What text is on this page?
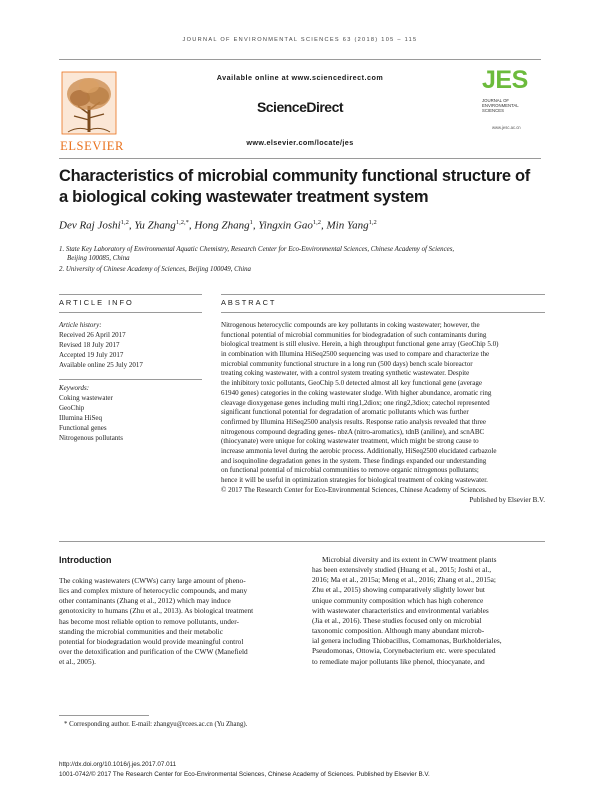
JOURNAL OF ENVIRONMENTAL SCIENCES 63 (2018) 105 – 115
ELSEVIER
Available online at www.sciencedirect.com
ScienceDirect
www.elsevier.com/locate/jes
JES
JOURNAL OF ENVIRONMENTAL SCIENCES
www.jesc.ac.cn
Characteristics of microbial community functional structure of
a biological coking wastewater treatment system
Dev Raj Joshi$^{1,2}$, Yu Zhang$^{1,2,*}$, Hong Zhang$^1$, Yingxin Gao$^{1,2}$, Min Yang$^{1,2}$
1. State Key Laboratory of Environmental Aquatic Chemistry, Research Center for Eco-Environmental Sciences, Chinese Academy of Sciences,
Beijing 100085, China
2. University of Chinese Academy of Sciences, Beijing 100049, China
ARTICLE INFO	ABSTRACT
Article history:
Received 26 April 2017
Revised 18 July 2017
Accepted 19 July 2017
Available online 25 July 2017
Keywords:
Coking wastewater
GeoChip
Illumina HiSeq
Functional genes
Nitrogenous pollutants
Nitrogenous heterocyclic compounds are key pollutants in coking wastewater; however, the
functional potential of microbial communities for biodegradation of such contaminants during
biological treatment is still elusive. Herein, a high throughput functional gene array (GeoChip 5.0)
in combination with Illumina HiSeq2500 sequencing was used to compare and characterize the
microbial community functional structure in a long run (500 days) bench scale bioreactor
treating coking wastewater, with a control system treating synthetic wastewater. Despite
the inhibitory toxic pollutants, GeoChip 5.0 detected almost all key functional gene (average
61940 genes) categories in the coking wastewater sludge. With higher abundance, aromatic ring
cleavage dioxygenase genes including multi ring1,2diox; one ring2,3diox; catechol represented
significant functional potential for degradation of aromatic pollutants which was further
confirmed by Illumina HiSeq2500 analysis results. Response ratio analysis revealed that three
nitrogenous compound degrading genes- nbzA (nitro-aromatics), tdnB (aniline), and scnABC
(thiocyanate) were unique for coking wastewater treatment, which might be strong cause to
increase ammonia level during the aerobic process. Additionally, HiSeq2500 elucidated carbazole
and isoquinoline degradation genes in the system. These findings expanded our understanding
on functional potential of microbial communities to remove organic nitrogenous pollutants;
hence it will be useful in optimization strategies for biological treatment of coking wastewater.
© 2017 The Research Center for Eco-Environmental Sciences, Chinese Academy of Sciences.
Published by Elsevier B.V.
Introduction
The coking wastewaters (CWWs) carry large amount of pheno-
lics and complex mixture of heterocyclic compounds, and many
other contaminants (Zhang et al., 2012) which may induce
genotoxicity to humans (Zhu et al., 2013). As biological treatment
has become most reliable option to remove pollutants, under-
standing the microbial communities and their metabolic
potential for biodegradation would provide meaningful control
over the detoxification and purification of the CWW (Manefield
et al., 2005).
Microbial diversity and its extent in CWW treatment plants
has been extensively studied (Huang et al., 2015; Joshi et al.,
2016; Ma et al., 2015a; Meng et al., 2016; Zhang et al., 2015a;
Zhu et al., 2015) showing comparatively slightly lower but
unique community composition which has high coherence
with wastewater characteristics and environmental variables
(Jia et al., 2016). These studies focused only on microbial
taxonomic composition. Although many abundant microb-
ial genera including Thiobacillus, Comamonas, Burkholderiales,
Pseudomonas, Ottowia, Corynebacterium etc. were speculated
to remediate major pollutants like phenol, thiocyanate, and
* Corresponding author. E-mail: zhangyu@rcees.ac.cn (Yu Zhang).
http://dx.doi.org/10.1016/j.jes.2017.07.011
1001-0742/© 2017 The Research Center for Eco-Environmental Sciences, Chinese Academy of Sciences. Published by Elsevier B.V.
